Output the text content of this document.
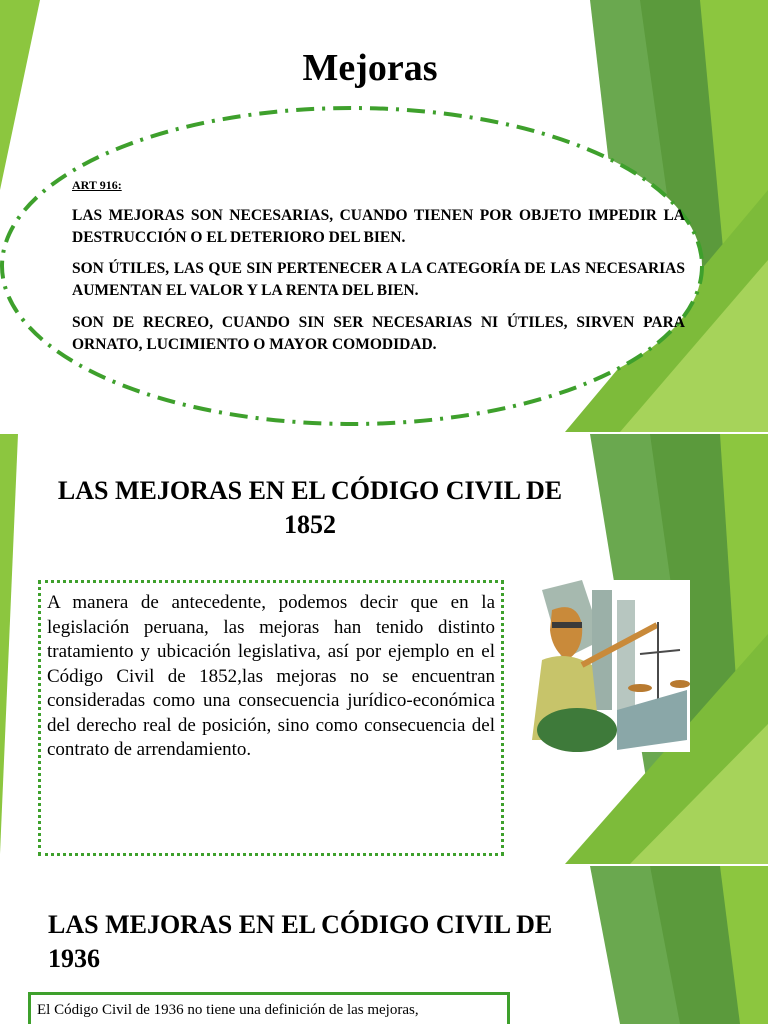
Mejoras
ART 916:

LAS MEJORAS SON NECESARIAS, CUANDO TIENEN POR OBJETO IMPEDIR LA DESTRUCCIÓN O EL DETERIORO DEL BIEN.

SON ÚTILES, LAS QUE SIN PERTENECER A LA CATEGORÍA DE LAS NECESARIAS AUMENTAN EL VALOR Y LA RENTA DEL BIEN.

SON DE RECREO, CUANDO SIN SER NECESARIAS NI ÚTILES, SIRVEN PARA ORNATO, LUCIMIENTO O MAYOR COMODIDAD.

LAS MEJORAS EN EL CÓDIGO CIVIL DE 1852
A manera de antecedente, podemos decir que en la legislación peruana, las mejoras han tenido distinto tratamiento y ubicación legislativa, así por ejemplo en el Código Civil de 1852,las mejoras no se encuentran consideradas como una consecuencia jurídico-económica del derecho real de posición, sino como consecuencia del contrato de arrendamiento.
LAS MEJORAS EN EL CÓDIGO CIVIL DE 1936
El Código Civil de 1936 no tiene una definición de las mejoras,
